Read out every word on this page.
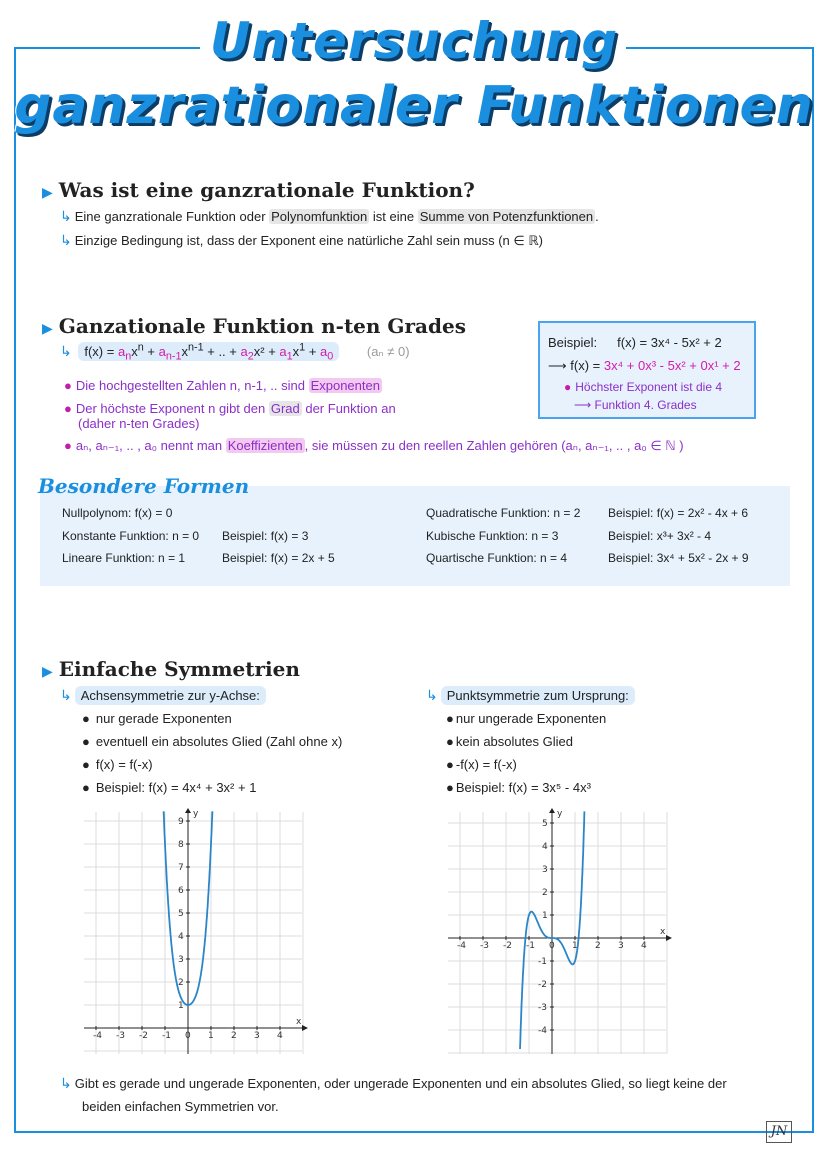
Untersuchung
ganzrationaler Funktionen
▶ Was ist eine ganzrationale Funktion?
↳ Eine ganzrationale Funktion oder Polynomfunktion ist eine Summe von Potenzfunktionen .
↳ Einzige Bedingung ist, dass der Exponent eine natürliche Zahl sein muss (n ∈ ℝ)
▶ Ganzationale Funktion n-ten Grades
↳ $f(x) = a_nx^n + a_{n-1}x^{n-1}$ + .. + $a_2x^2 + a_1x^1 + a_0$	(aₙ ≠ 0)
● Die hochgestellten Zahlen n, n-1, .. sind Exponenten
● Der höchste Exponent n gibt den Grad der Funktion an
(daher n-ten Grades)
● aₙ, aₙ₋₁, .. , a₀ nennt man Koeffizienten , sie müssen zu den reellen Zahlen gehören (aₙ, aₙ₋₁, .. , a₀ ∈ ℕ )
Beispiel: f(x) = 3x⁴ - 5x² + 2
⟶ f(x) = 3x⁴ + 0x³ - 5x² + 0x¹ + 2
● Höchster Exponent ist die 4
⟶ Funktion 4. Grades
Besondere Formen
Nullpolynom: f(x) = 0
Konstante Funktion: n = 0 Beispiel: f(x) = 3
Lineare Funktion: n = 1	Beispiel: f(x) = 2x + 5
Quadratische Funktion: n = 2 Beispiel: f(x) = 2x² - 4x + 6
Kubische Funktion: n = 3	Beispiel: x³+ 3x² - 4
Quartische Funktion: n = 4	Beispiel: 3x⁴ + 5x² - 2x + 9
▶ Einfache Symmetrien
↳ Achsensymmetrie zur y-Achse:
● nur gerade Exponenten
● eventuell ein absolutes Glied (Zahl ohne x)
● f(x) = f(-x)
● Beispiel: f(x) = 4x⁴ + 3x² + 1
↳ Punktsymmetrie zum Ursprung:
● nur ungerade Exponenten
● kein absolutes Glied
● -f(x) = f(-x)
● Beispiel: f(x) = 3x⁵ - 4x³
-4 -3 -2 -1 0 1 2 3 4
1
2
3
4
5
6
7
8
9
x
y
-4 -3 -2 -1 0 1 2 3 4
-4
-3
-2
-1
1
2
3
4
5
x
y
↳ Gibt es gerade und ungerade Exponenten, oder ungerade Exponenten und ein absolutes Glied, so liegt keine der
beiden einfachen Symmetrien vor.
JN
